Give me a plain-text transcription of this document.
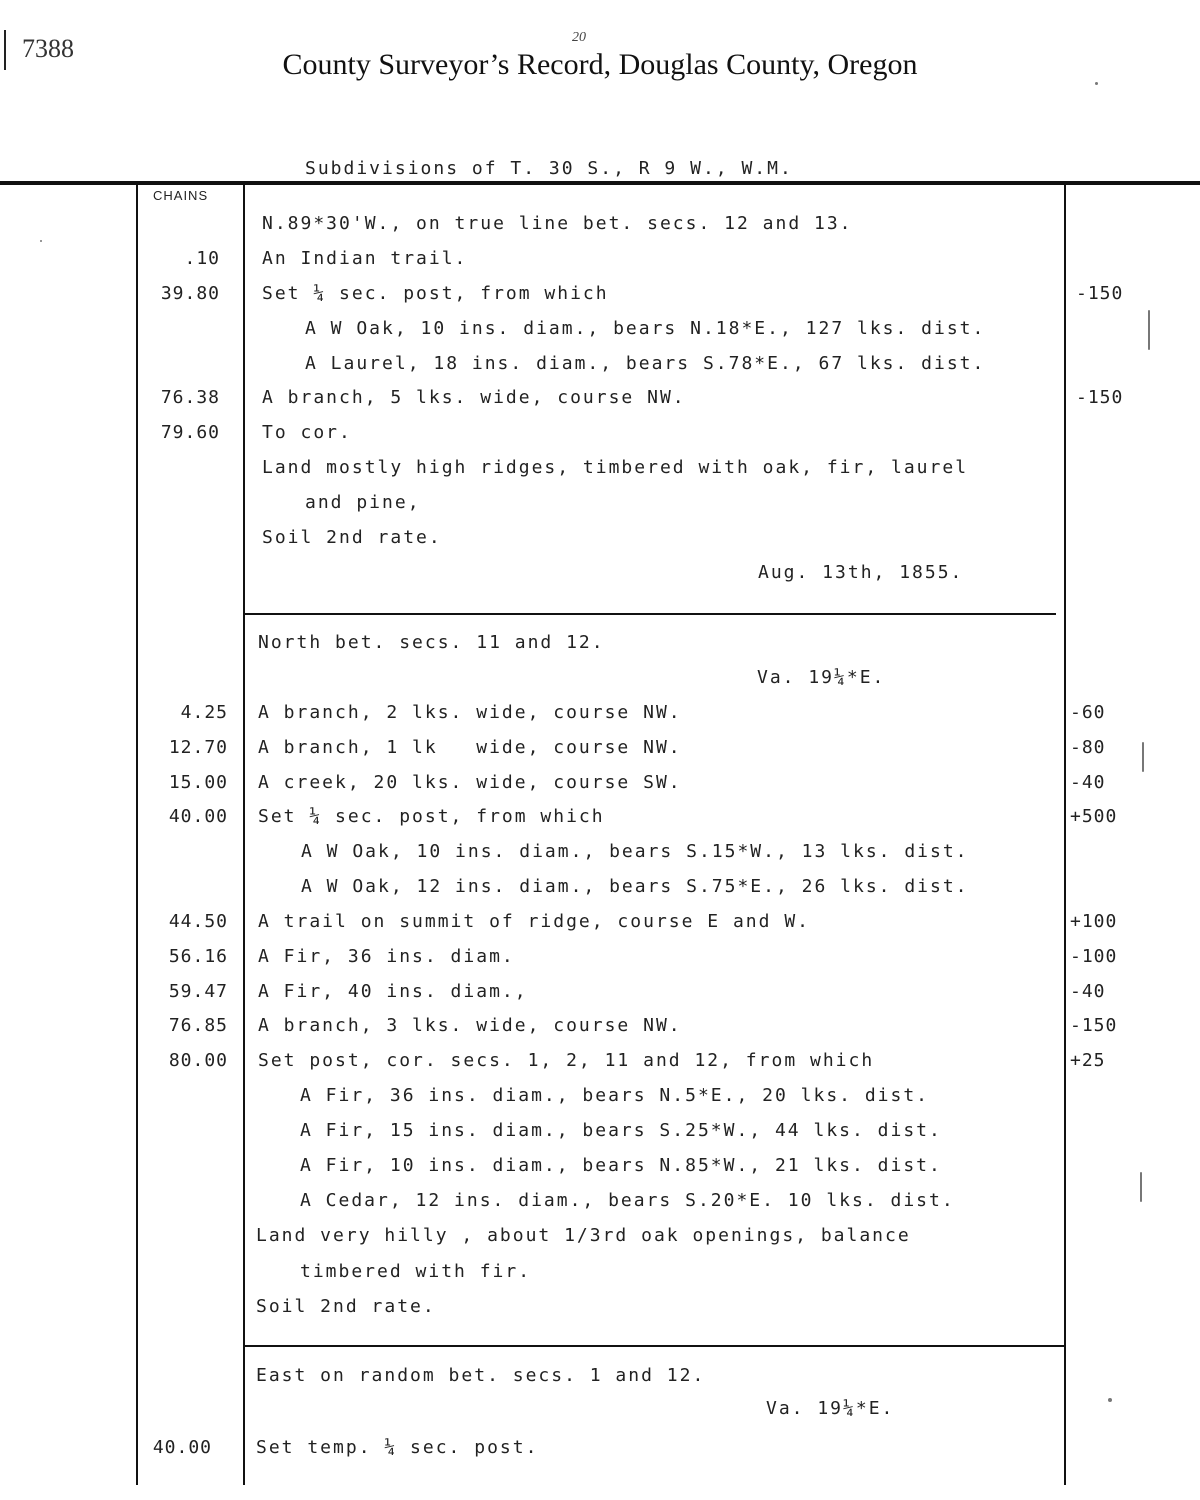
7388	20
County Surveyor’s Record, Douglas County, Oregon
Subdivisions of T. 30 S., R 9 W., W.M.
CHAINS
N.89*30'W., on true line bet. secs. 12 and 13.
.10 An Indian trail.
39.80 Set ¼ sec. post, from which	-150
A W Oak, 10 ins. diam., bears N.18*E., 127 lks. dist.
A Laurel, 18 ins. diam., bears S.78*E., 67 lks. dist.
76.38 A branch, 5 lks. wide, course NW.	-150
79.60 To cor.
Land mostly high ridges, timbered with oak, fir, laurel
and pine,
Soil 2nd rate.
Aug. 13th, 1855.
North bet. secs. 11 and 12.
Va. 19¼*E.
4.25 A branch, 2 lks. wide, course NW.	-60
12.70 A branch, 1 lk   wide, course NW.	-80
15.00 A creek, 20 lks. wide, course SW.	-40
40.00 Set ¼ sec. post, from which	+500
A W Oak, 10 ins. diam., bears S.15*W., 13 lks. dist.
A W Oak, 12 ins. diam., bears S.75*E., 26 lks. dist.
44.50 A trail on summit of ridge, course E and W.	+100
56.16 A Fir, 36 ins. diam.	-100
59.47 A Fir, 40 ins. diam.,	-40
76.85 A branch, 3 lks. wide, course NW.	-150
80.00 Set post, cor. secs. 1, 2, 11 and 12, from which	+25
A Fir, 36 ins. diam., bears N.5*E., 20 lks. dist.
A Fir, 15 ins. diam., bears S.25*W., 44 lks. dist.
A Fir, 10 ins. diam., bears N.85*W., 21 lks. dist.
A Cedar, 12 ins. diam., bears S.20*E. 10 lks. dist.
Land very hilly , about 1/3rd oak openings, balance
timbered with fir.
Soil 2nd rate.
East on random bet. secs. 1 and 12.
Va. 19¼*E.
40.00 Set temp. ¼ sec. post.
